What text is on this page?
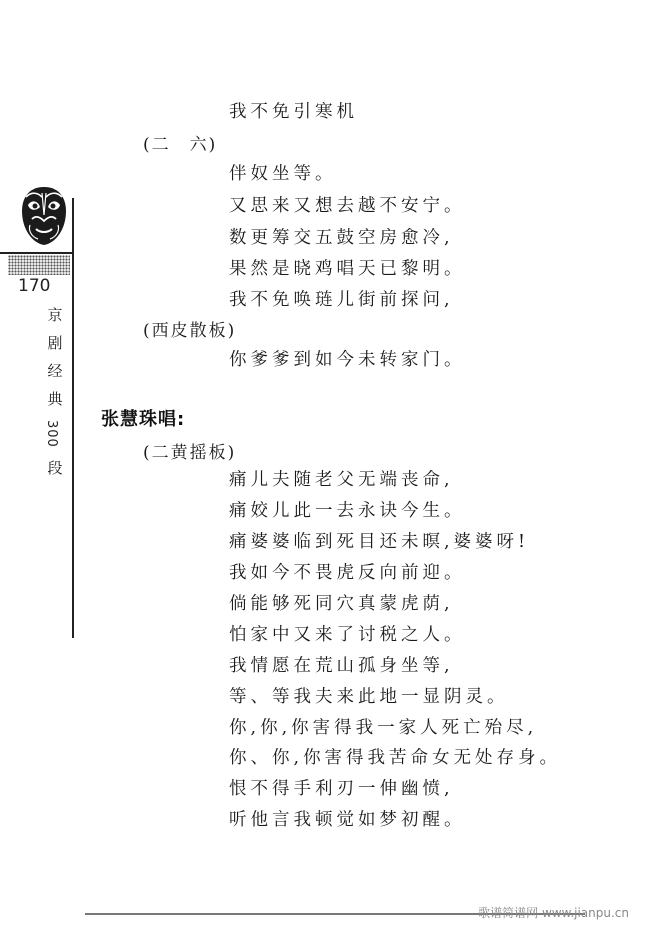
170
京
剧
经
典
300
段
我不免引寒机
(二　六)
伴奴坐等。
又思来又想去越不安宁。
数更筹交五鼓空房愈冷,
果然是晓鸡唱天已黎明。
我不免唤琏儿街前探问,
(西皮散板)
你爹爹到如今未转家门。
张慧珠唱:
(二黄摇板)
痛儿夫随老父无端丧命,
痛姣儿此一去永诀今生。
痛婆婆临到死目还未暝,婆婆呀!
我如今不畏虎反向前迎。
倘能够死同穴真蒙虎荫,
怕家中又来了讨税之人。
我情愿在荒山孤身坐等,
等、等我夫来此地一显阴灵。
你,你,你害得我一家人死亡殆尽,
你、你,你害得我苦命女无处存身。
恨不得手利刃一伸幽愤,
听他言我顿觉如梦初醒。
歌谱简谱网 www.jianpu.cn
